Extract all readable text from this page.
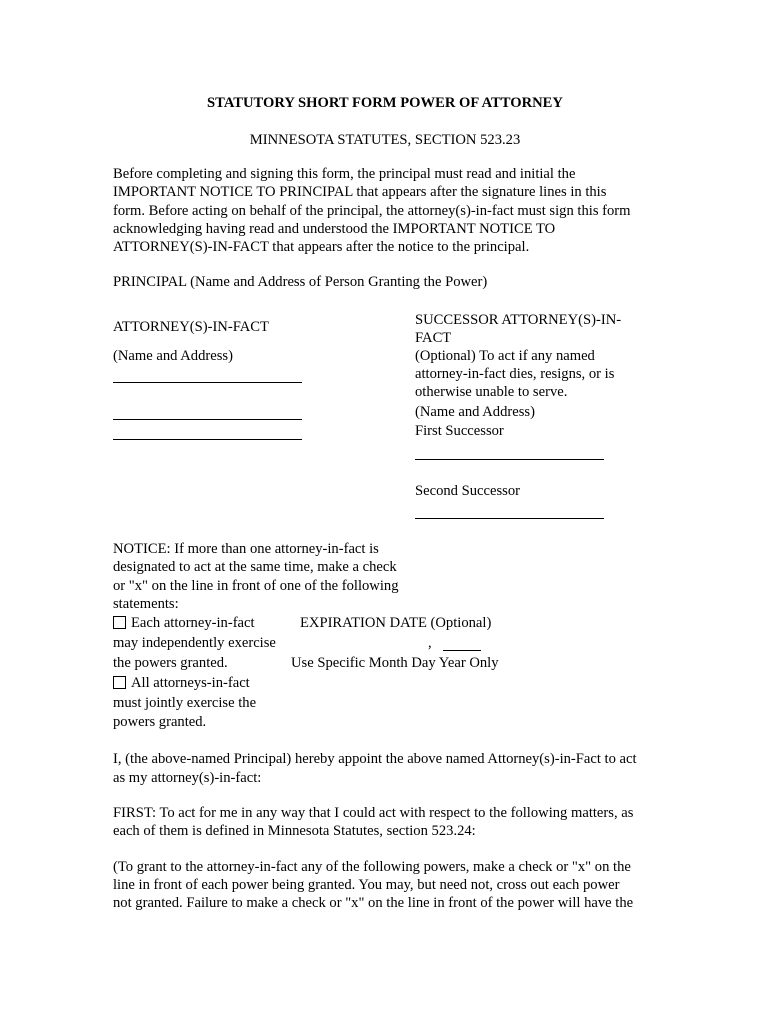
STATUTORY SHORT FORM POWER OF ATTORNEY
MINNESOTA STATUTES, SECTION 523.23
Before completing and signing this form, the principal must read and initial the
IMPORTANT NOTICE TO PRINCIPAL that appears after the signature lines in this
form. Before acting on behalf of the principal, the attorney(s)-in-fact must sign this form
acknowledging having read and understood the IMPORTANT NOTICE TO
ATTORNEY(S)-IN-FACT that appears after the notice to the principal.
PRINCIPAL (Name and Address of Person Granting the Power)
ATTORNEY(S)-IN-FACT
(Name and Address)
SUCCESSOR ATTORNEY(S)-IN-
FACT
(Optional) To act if any named
attorney-in-fact dies, resigns, or is
otherwise unable to serve.
(Name and Address)
First Successor
Second Successor
NOTICE: If more than one attorney-in-fact is
designated to act at the same time, make a check
or "x" on the line in front of one of the following
statements:
Each attorney-in-fact
may independently exercise
the powers granted.
All attorneys-in-fact
must jointly exercise the
powers granted.
EXPIRATION DATE (Optional)
,
Use Specific Month Day Year Only
I, (the above-named Principal) hereby appoint the above named Attorney(s)-in-Fact to act
as my attorney(s)-in-fact:
FIRST: To act for me in any way that I could act with respect to the following matters, as
each of them is defined in Minnesota Statutes, section 523.24:
(To grant to the attorney-in-fact any of the following powers, make a check or "x" on the
line in front of each power being granted. You may, but need not, cross out each power
not granted. Failure to make a check or "x" on the line in front of the power will have the
